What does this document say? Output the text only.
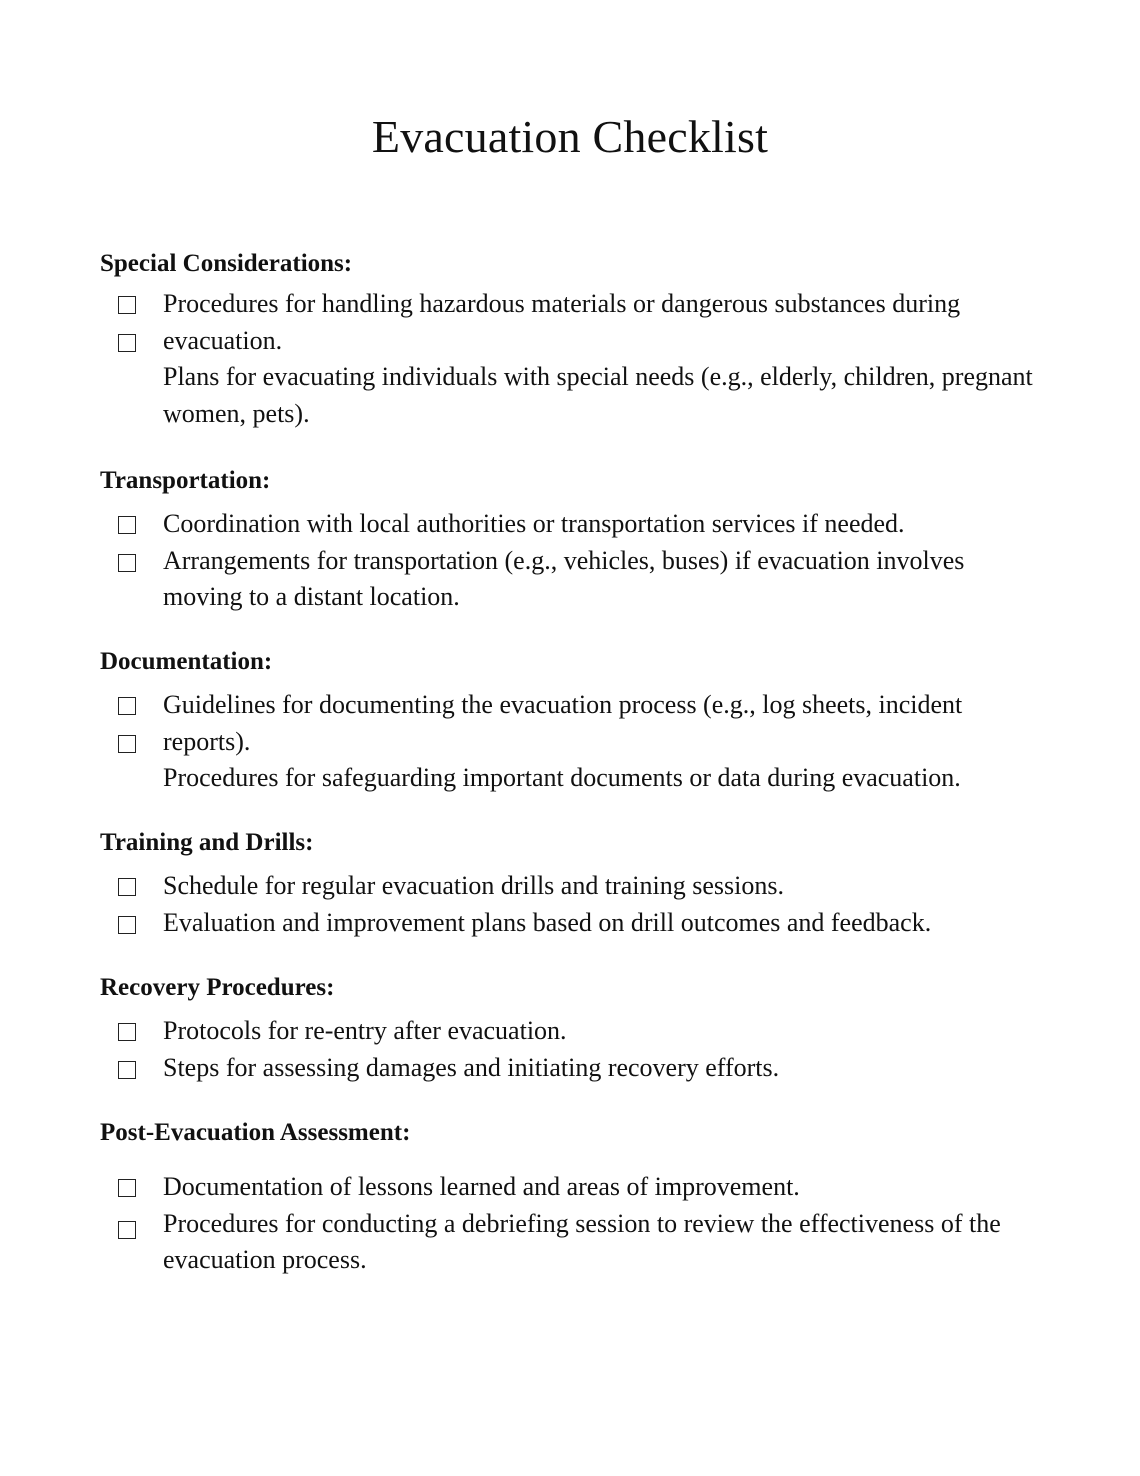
Evacuation Checklist
Special Considerations:

Procedures for handling hazardous materials or dangerous substances during evacuation.

Plans for evacuating individuals with special needs (e.g., elderly, children, pregnant women, pets).

Transportation:

Coordination with local authorities or transportation services if needed.

Arrangements for transportation (e.g., vehicles, buses) if evacuation involves moving to a distant location.

Documentation:

Guidelines for documenting the evacuation process (e.g., log sheets, incident reports).

Procedures for safeguarding important documents or data during evacuation.

Training and Drills:

Schedule for regular evacuation drills and training sessions.

Evaluation and improvement plans based on drill outcomes and feedback.

Recovery Procedures:

Protocols for re-entry after evacuation.

Steps for assessing damages and initiating recovery efforts.

Post-Evacuation Assessment:

Documentation of lessons learned and areas of improvement.

Procedures for conducting a debriefing session to review the effectiveness of the evacuation process.
